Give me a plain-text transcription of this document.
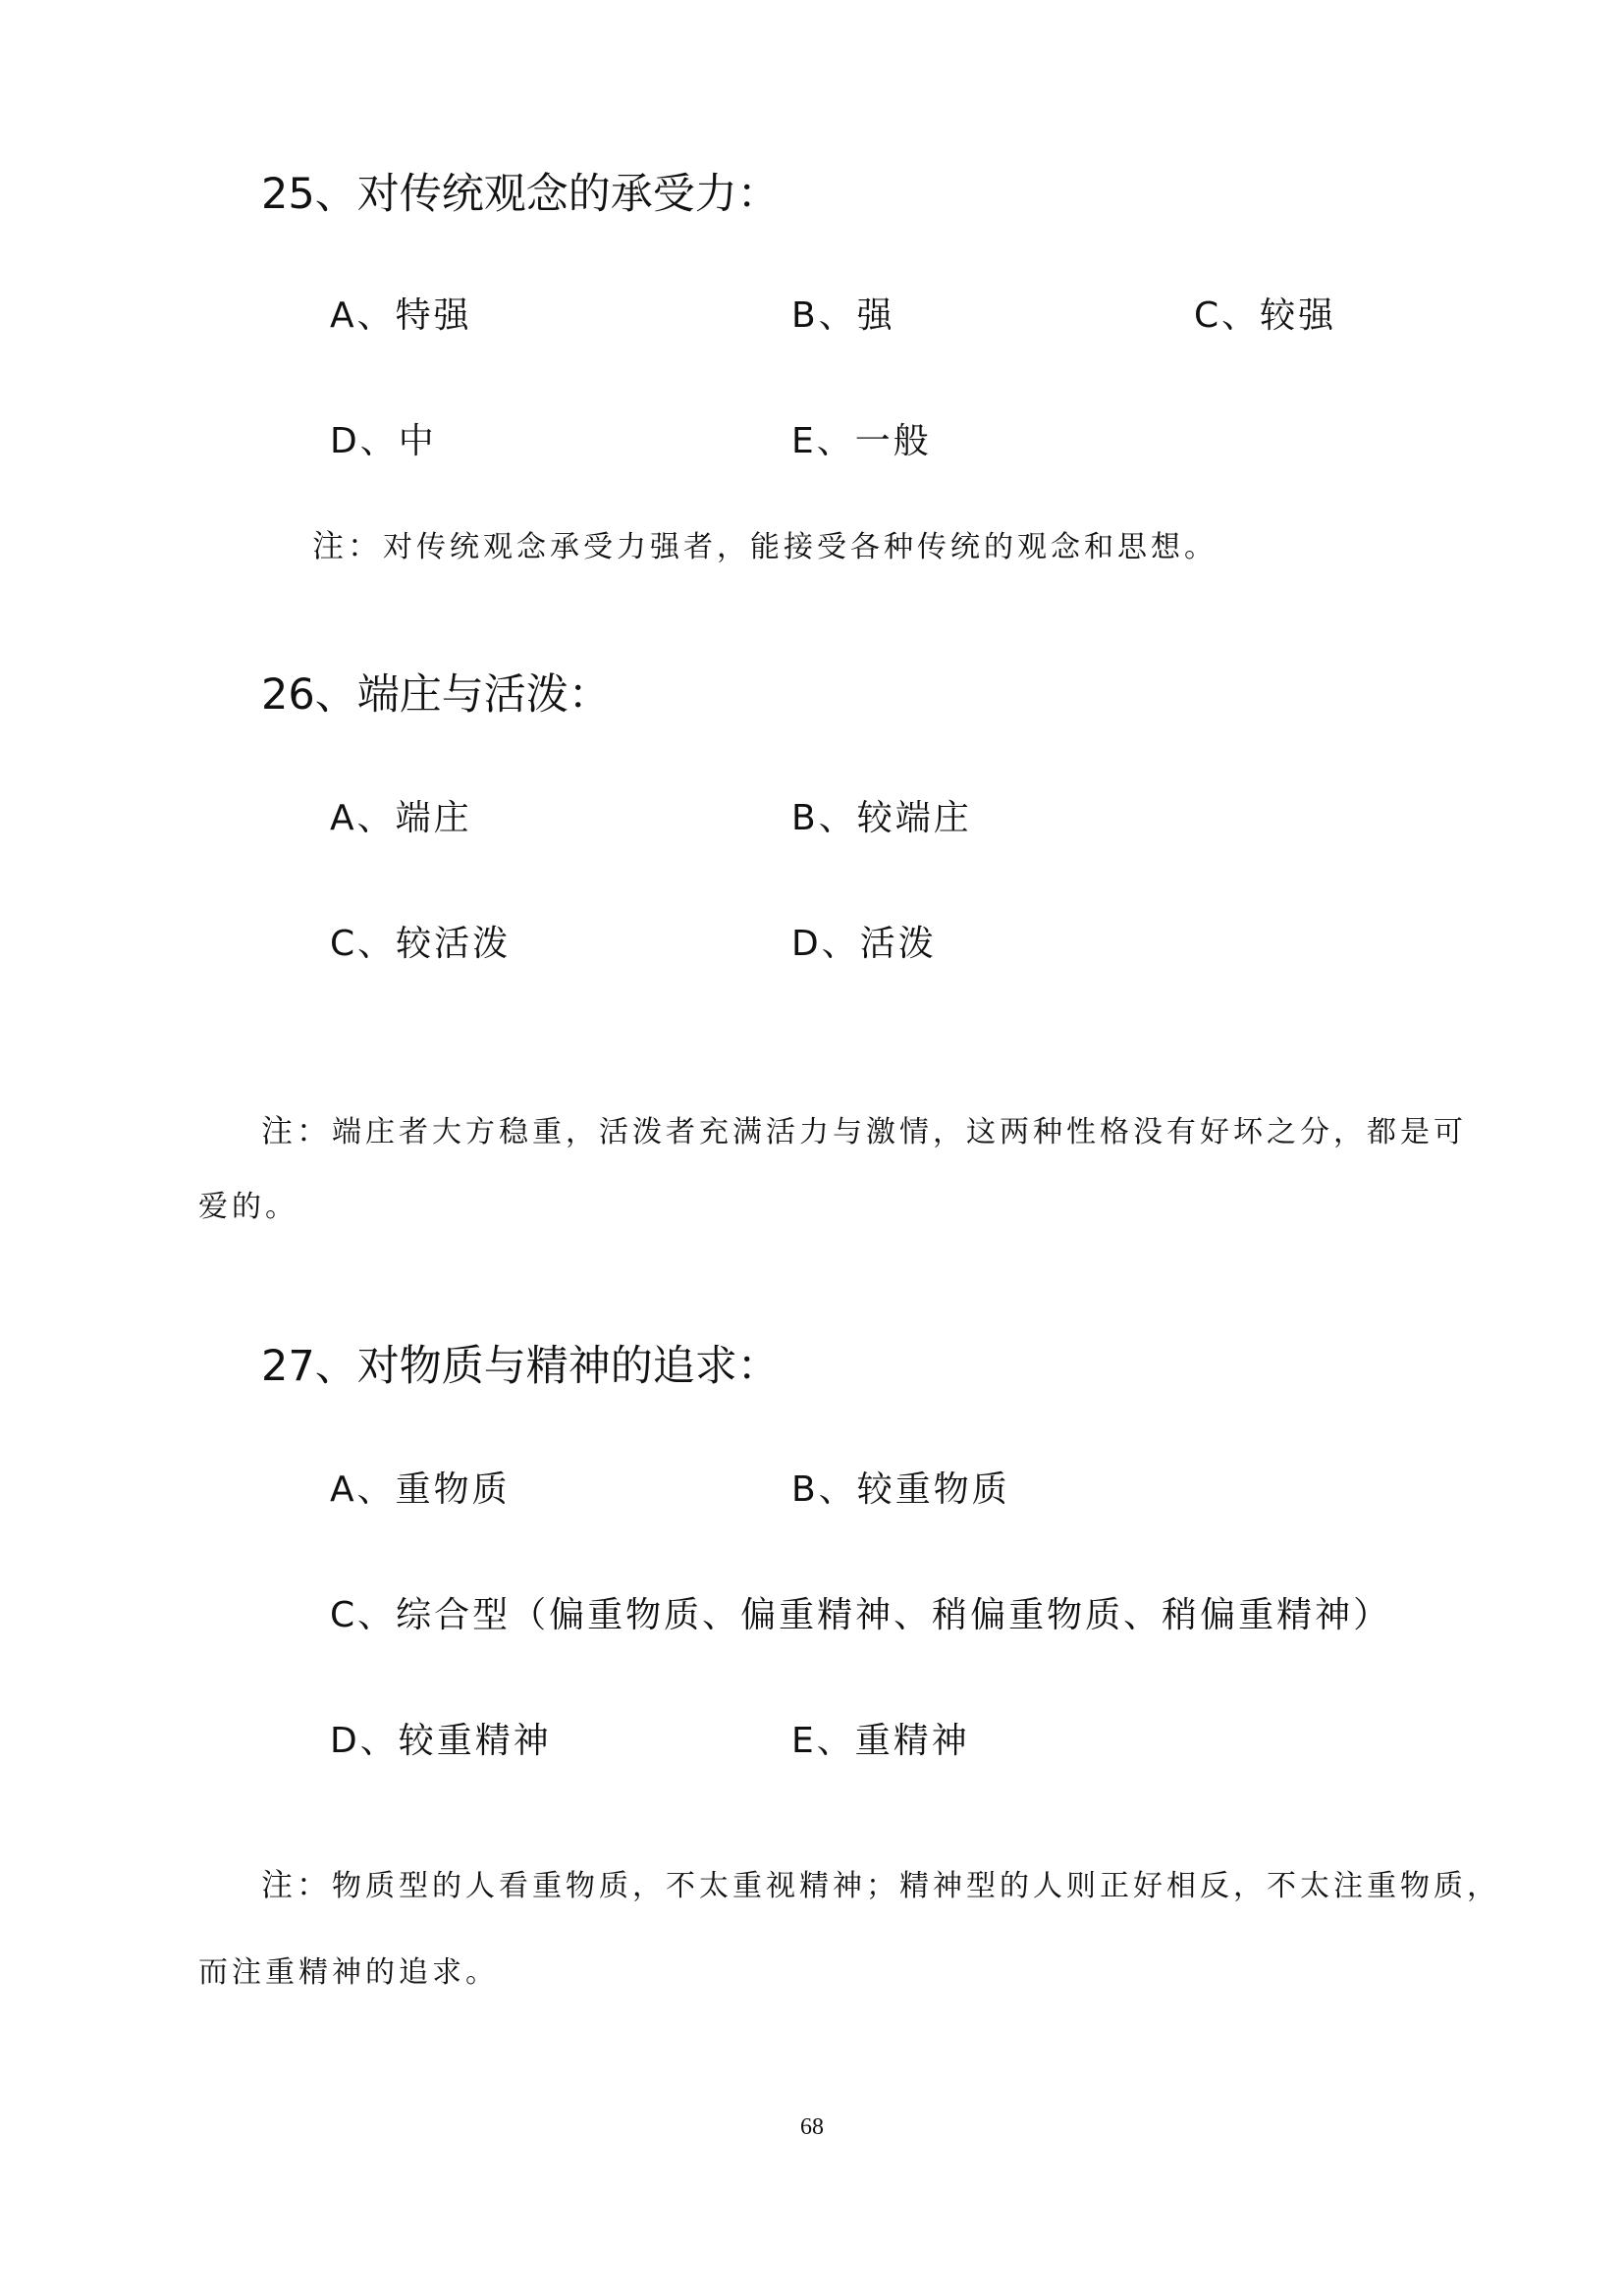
25、对传统观念的承受力：
A、特强	B、强	C、较强
D、中	E、一般
注：对传统观念承受力强者，能接受各种传统的观念和思想。
26、端庄与活泼：
A、端庄	B、较端庄
C、较活泼	D、活泼
注：端庄者大方稳重，活泼者充满活力与激情，这两种性格没有好坏之分，都是可
爱的。
27、对物质与精神的追求：
A、重物质	B、较重物质
C、综合型（偏重物质、偏重精神、稍偏重物质、稍偏重精神）
D、较重精神	E、重精神
注：物质型的人看重物质，不太重视精神；精神型的人则正好相反，不太注重物质，
而注重精神的追求。
68
